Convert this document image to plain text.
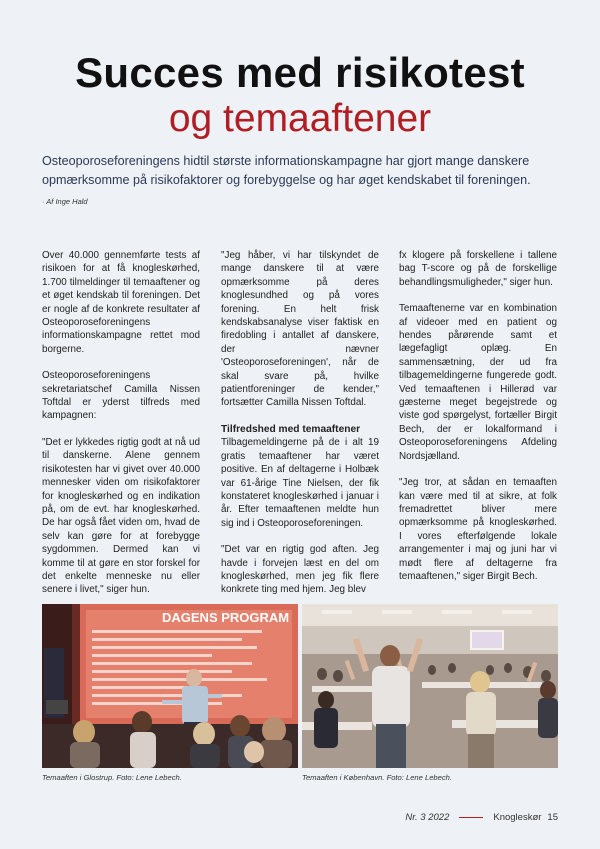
Succes med risikotest
og temaaftener
Osteoporoseforeningens hidtil største informationskampagne har gjort mange danskere opmærksomme på risikofaktorer og forebyggelse og har øget kendskabet til foreningen.
· Af Inge Hald

Over 40.000 gennemførte tests af risikoen for at få knogleskørhed, 1.700 tilmeldinger til temaaftener og et øget kendskab til foreningen. Det er nogle af de konkrete resultater af Osteoporoseforeningens informationskampagne rettet mod borgerne.

Osteoporoseforeningens sekretariatschef Camilla Nissen Toftdal er yderst tilfreds med kampagnen:

"Det er lykkedes rigtig godt at nå ud til danskerne. Alene gennem risikotesten har vi givet over 40.000 mennesker viden om risikofaktorer for knogleskørhed og en indikation på, om de evt. har knogleskørhed. De har også fået viden om, hvad de selv kan gøre for at forebygge sygdommen. Dermed kan vi komme til at gøre en stor forskel for det enkelte menneske nu eller senere i livet," siger hun.

"Jeg håber, vi har tilskyndet de mange danskere til at være opmærksomme på deres knoglesundhed og på vores forening. En helt frisk kendskabsanalyse viser faktisk en firedobling i antallet af danskere, der nævner 'Osteoporoseforeningen', når de skal svare på, hvilke patientforeninger de kender," fortsætter Camilla Nissen Toftdal.

Tilfredshed med temaaftener
Tilbagemeldingerne på de i alt 19 gratis temaaftener har været positive. En af deltagerne i Holbæk var 61-årige Tine Nielsen, der fik konstateret knogleskørhed i januar i år. Efter temaaftenen meldte hun sig ind i Osteoporoseforeningen.

"Det var en rigtig god aften. Jeg havde i forvejen læst en del om knogleskørhed, men jeg fik flere konkrete ting med hjem. Jeg blev

fx klogere på forskellene i tallene bag T-score og på de forskellige behandlingsmuligheder," siger hun.

Temaaftenerne var en kombination af videoer med en patient og hendes pårørende samt et lægefagligt oplæg. En sammensætning, der ud fra tilbagemeldingerne fungerede godt. Ved temaaftenen i Hillerød var gæsterne meget begejstrede og viste god spørgelyst, fortæller Birgit Bech, der er lokalformand i Osteoporoseforeningens Afdeling Nordsjælland.

"Jeg tror, at sådan en temaaften kan være med til at sikre, at folk fremadrettet bliver mere opmærksomme på knogleskørhed. I vores efterfølgende lokale arrangementer i maj og juni har vi mødt flere af deltagerne fra temaaftenen," siger Birgit Bech.

DAGENS PROGRAM
Temaaften i Glostrup. Foto: Lene Lebech.	Temaaften i København. Foto: Lene Lebech.
Nr. 3 2022	Knogleskør 15
